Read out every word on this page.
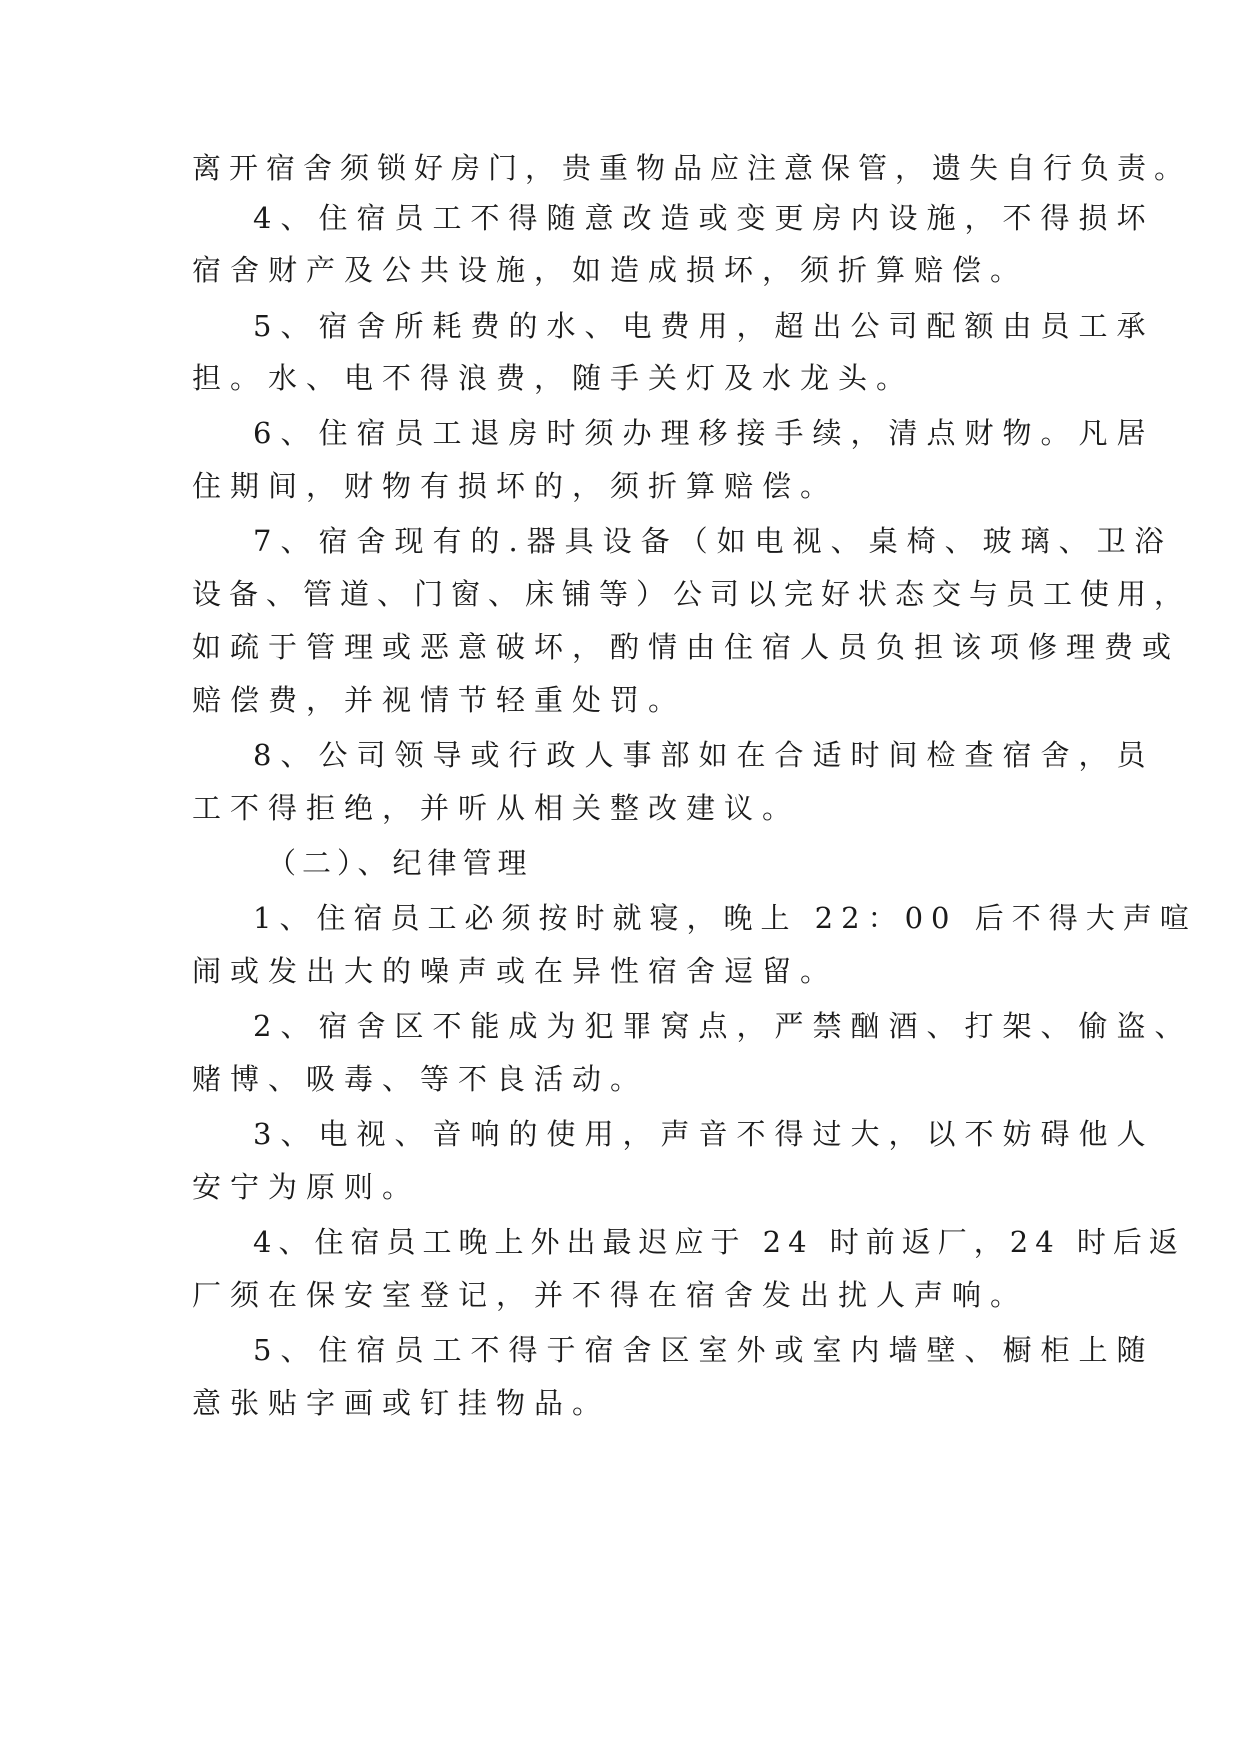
离开宿舍须锁好房门，贵重物品应注意保管，遗失自行负责。
4、住宿员工不得随意改造或变更房内设施，不得损坏
宿舍财产及公共设施，如造成损坏，须折算赔偿。
5、宿舍所耗费的水、电费用，超出公司配额由员工承
担。水、电不得浪费，随手关灯及水龙头。
6、住宿员工退房时须办理移接手续，清点财物。凡居
住期间，财物有损坏的，须折算赔偿。
7、宿舍现有的.器具设备（如电视、桌椅、玻璃、卫浴
设备、管道、门窗、床铺等）公司以完好状态交与员工使用，
如疏于管理或恶意破坏，酌情由住宿人员负担该项修理费或
赔偿费，并视情节轻重处罚。
8、公司领导或行政人事部如在合适时间检查宿舍，员
工不得拒绝，并听从相关整改建议。
（二）、纪律管理
1、住宿员工必须按时就寝，晚上 22：00 后不得大声喧
闹或发出大的噪声或在异性宿舍逗留。
2、宿舍区不能成为犯罪窝点，严禁酗酒、打架、偷盗、
赌博、吸毒、等不良活动。
3、电视、音响的使用，声音不得过大，以不妨碍他人
安宁为原则。
4、住宿员工晚上外出最迟应于 24 时前返厂，24 时后返
厂须在保安室登记，并不得在宿舍发出扰人声响。
5、住宿员工不得于宿舍区室外或室内墙壁、橱柜上随
意张贴字画或钉挂物品。
